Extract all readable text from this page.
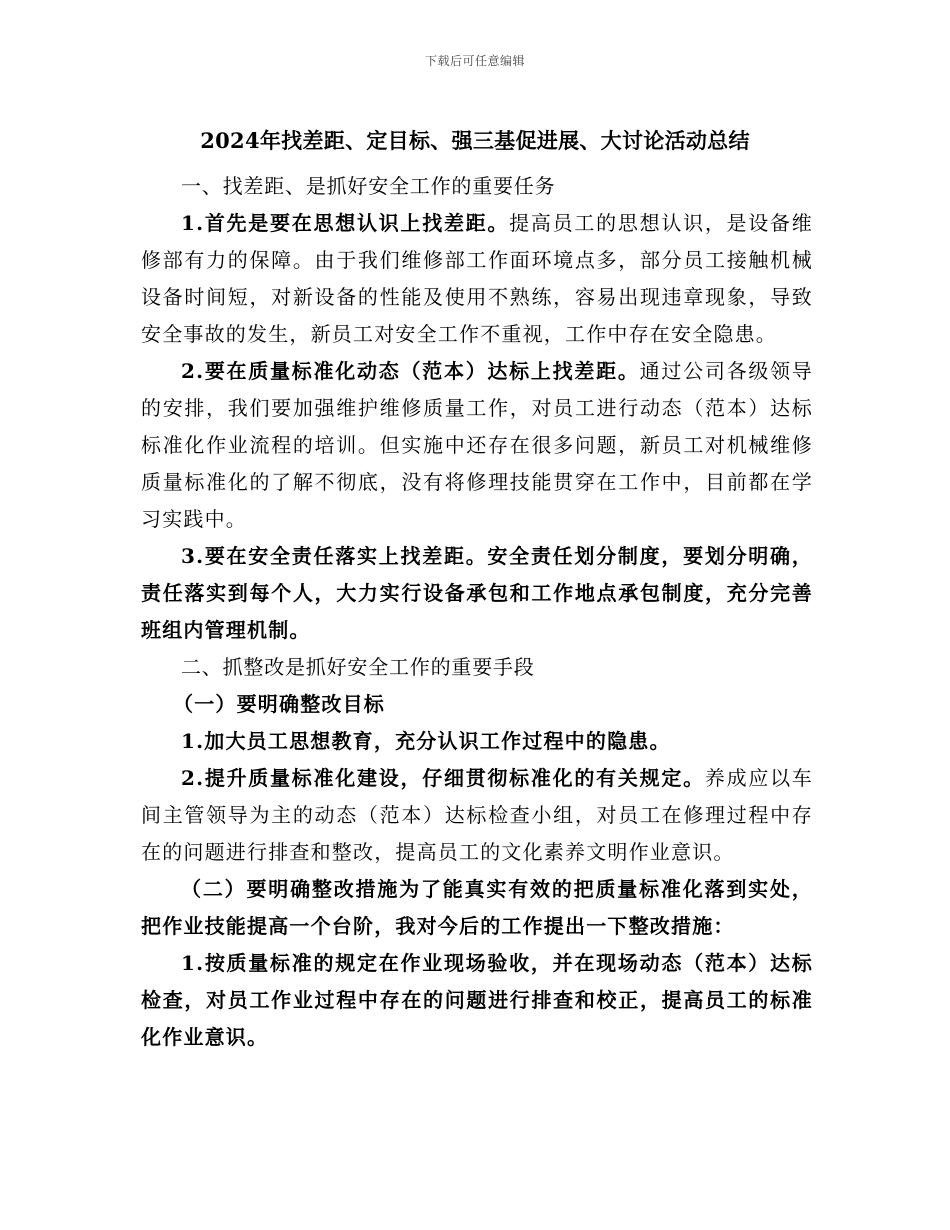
下载后可任意编辑
2024年找差距、定目标、强三基促进展、大讨论活动总结

一、找差距、是抓好安全工作的重要任务

1.首先是要在思想认识上找差距。提高员工的思想认识，是设备维修部有力的保障。由于我们维修部工作面环境点多，部分员工接触机械设备时间短，对新设备的性能及使用不熟练，容易出现违章现象，导致安全事故的发生，新员工对安全工作不重视，工作中存在安全隐患。

2.要在质量标准化动态（范本）达标上找差距。通过公司各级领导的安排，我们要加强维护维修质量工作，对员工进行动态（范本）达标标准化作业流程的培训。但实施中还存在很多问题，新员工对机械维修质量标准化的了解不彻底，没有将修理技能贯穿在工作中，目前都在学习实践中。

3.要在安全责任落实上找差距。安全责任划分制度，要划分明确，责任落实到每个人，大力实行设备承包和工作地点承包制度，充分完善班组内管理机制。

二、抓整改是抓好安全工作的重要手段

（一）要明确整改目标

1.加大员工思想教育，充分认识工作过程中的隐患。

2.提升质量标准化建设，仔细贯彻标准化的有关规定。养成应以车间主管领导为主的动态（范本）达标检查小组，对员工在修理过程中存在的问题进行排查和整改，提高员工的文化素养文明作业意识。

（二）要明确整改措施为了能真实有效的把质量标准化落到实处，把作业技能提高一个台阶，我对今后的工作提出一下整改措施：

1.按质量标准的规定在作业现场验收，并在现场动态（范本）达标检查，对员工作业过程中存在的问题进行排查和校正，提高员工的标准化作业意识。
